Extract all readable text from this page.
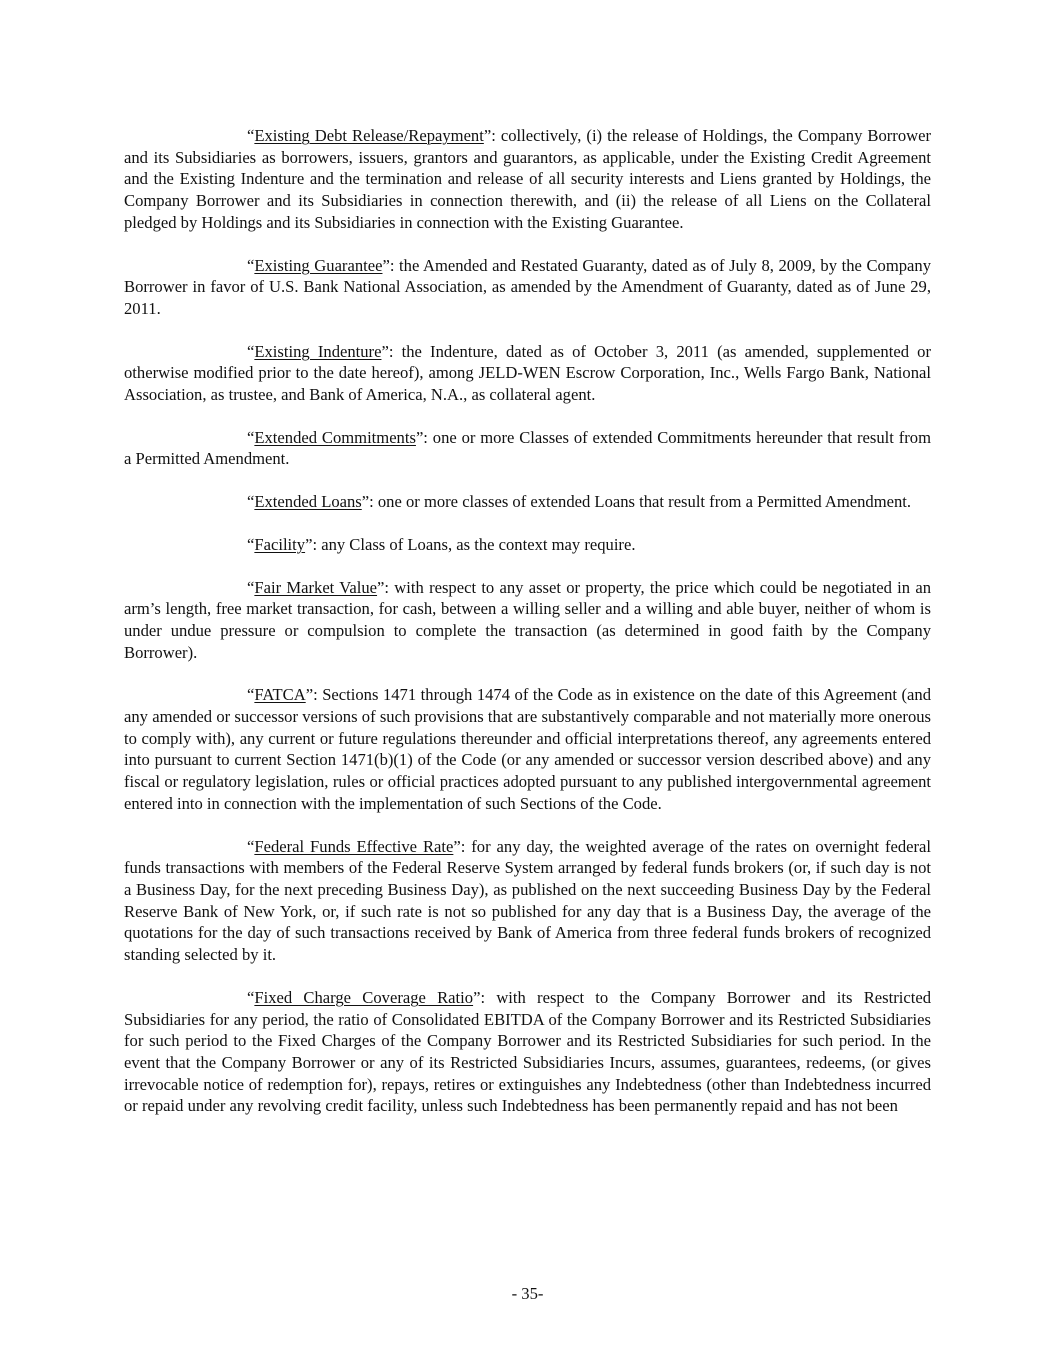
“Existing Debt Release/Repayment”: collectively, (i) the release of Holdings, the Company Borrower and its Subsidiaries as borrowers, issuers, grantors and guarantors, as applicable, under the Existing Credit Agreement and the Existing Indenture and the termination and release of all security interests and Liens granted by Holdings, the Company Borrower and its Subsidiaries in connection therewith, and (ii) the release of all Liens on the Collateral pledged by Holdings and its Subsidiaries in connection with the Existing Guarantee.

“Existing Guarantee”: the Amended and Restated Guaranty, dated as of July 8, 2009, by the Company Borrower in favor of U.S. Bank National Association, as amended by the Amendment of Guaranty, dated as of June 29, 2011.

“Existing Indenture”: the Indenture, dated as of October 3, 2011 (as amended, supplemented or otherwise modified prior to the date hereof), among JELD-WEN Escrow Corporation, Inc., Wells Fargo Bank, National Association, as trustee, and Bank of America, N.A., as collateral agent.

“Extended Commitments”: one or more Classes of extended Commitments hereunder that result from a Permitted Amendment.

“Extended Loans”: one or more classes of extended Loans that result from a Permitted Amendment.

“Facility”: any Class of Loans, as the context may require.

“Fair Market Value”: with respect to any asset or property, the price which could be negotiated in an arm’s length, free market transaction, for cash, between a willing seller and a willing and able buyer, neither of whom is under undue pressure or compulsion to complete the transaction (as determined in good faith by the Company Borrower).

“FATCA”: Sections 1471 through 1474 of the Code as in existence on the date of this Agreement (and any amended or successor versions of such provisions that are substantively comparable and not materially more onerous to comply with), any current or future regulations thereunder and official interpretations thereof, any agreements entered into pursuant to current Section 1471(b)(1) of the Code (or any amended or successor version described above) and any fiscal or regulatory legislation, rules or official practices adopted pursuant to any published intergovernmental agreement entered into in connection with the implementation of such Sections of the Code.

“Federal Funds Effective Rate”: for any day, the weighted average of the rates on overnight federal funds transactions with members of the Federal Reserve System arranged by federal funds brokers (or, if such day is not a Business Day, for the next preceding Business Day), as published on the next succeeding Business Day by the Federal Reserve Bank of New York, or, if such rate is not so published for any day that is a Business Day, the average of the quotations for the day of such transactions received by Bank of America from three federal funds brokers of recognized standing selected by it.

“Fixed Charge Coverage Ratio”: with respect to the Company Borrower and its Restricted Subsidiaries for any period, the ratio of Consolidated EBITDA of the Company Borrower and its Restricted Subsidiaries for such period to the Fixed Charges of the Company Borrower and its Restricted Subsidiaries for such period. In the event that the Company Borrower or any of its Restricted Subsidiaries Incurs, assumes, guarantees, redeems, (or gives irrevocable notice of redemption for), repays, retires or extinguishes any Indebtedness (other than Indebtedness incurred or repaid under any revolving credit facility, unless such Indebtedness has been permanently repaid and has not been

- 35-
